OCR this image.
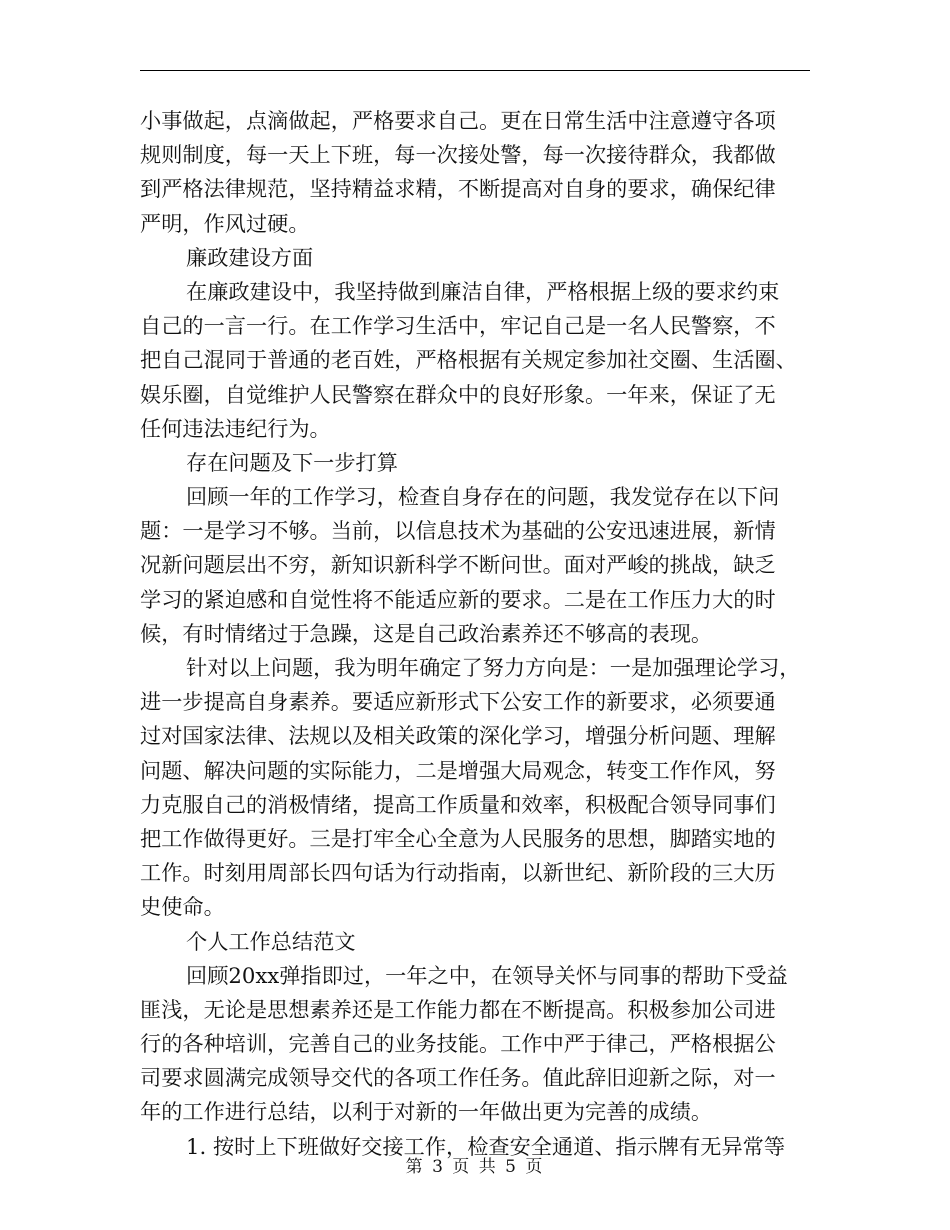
小事做起，点滴做起，严格要求自己。更在日常生活中注意遵守各项
规则制度，每一天上下班，每一次接处警，每一次接待群众，我都做
到严格法律规范，坚持精益求精，不断提高对自身的要求，确保纪律
严明，作风过硬。
廉政建设方面
在廉政建设中，我坚持做到廉洁自律，严格根据上级的要求约束
自己的一言一行。在工作学习生活中，牢记自己是一名人民警察，不
把自己混同于普通的老百姓，严格根据有关规定参加社交圈、生活圈、
娱乐圈，自觉维护人民警察在群众中的良好形象。一年来，保证了无
任何违法违纪行为。
存在问题及下一步打算
回顾一年的工作学习，检查自身存在的问题，我发觉存在以下问
题：一是学习不够。当前，以信息技术为基础的公安迅速进展，新情
况新问题层出不穷，新知识新科学不断问世。面对严峻的挑战，缺乏
学习的紧迫感和自觉性将不能适应新的要求。二是在工作压力大的时
候，有时情绪过于急躁，这是自己政治素养还不够高的表现。
针对以上问题，我为明年确定了努力方向是：一是加强理论学习，
进一步提高自身素养。要适应新形式下公安工作的新要求，必须要通
过对国家法律、法规以及相关政策的深化学习，增强分析问题、理解
问题、解决问题的实际能力，二是增强大局观念，转变工作作风，努
力克服自己的消极情绪，提高工作质量和效率，积极配合领导同事们
把工作做得更好。三是打牢全心全意为人民服务的思想，脚踏实地的
工作。时刻用周部长四句话为行动指南，以新世纪、新阶段的三大历
史使命。
个人工作总结范文
回顾20xx弹指即过，一年之中，在领导关怀与同事的帮助下受益
匪浅，无论是思想素养还是工作能力都在不断提高。积极参加公司进
行的各种培训，完善自己的业务技能。工作中严于律己，严格根据公
司要求圆满完成领导交代的各项工作任务。值此辞旧迎新之际，对一
年的工作进行总结，以利于对新的一年做出更为完善的成绩。
1. 按时上下班做好交接工作，检查安全通道、指示牌有无异常等
第 3 页 共 5 页
